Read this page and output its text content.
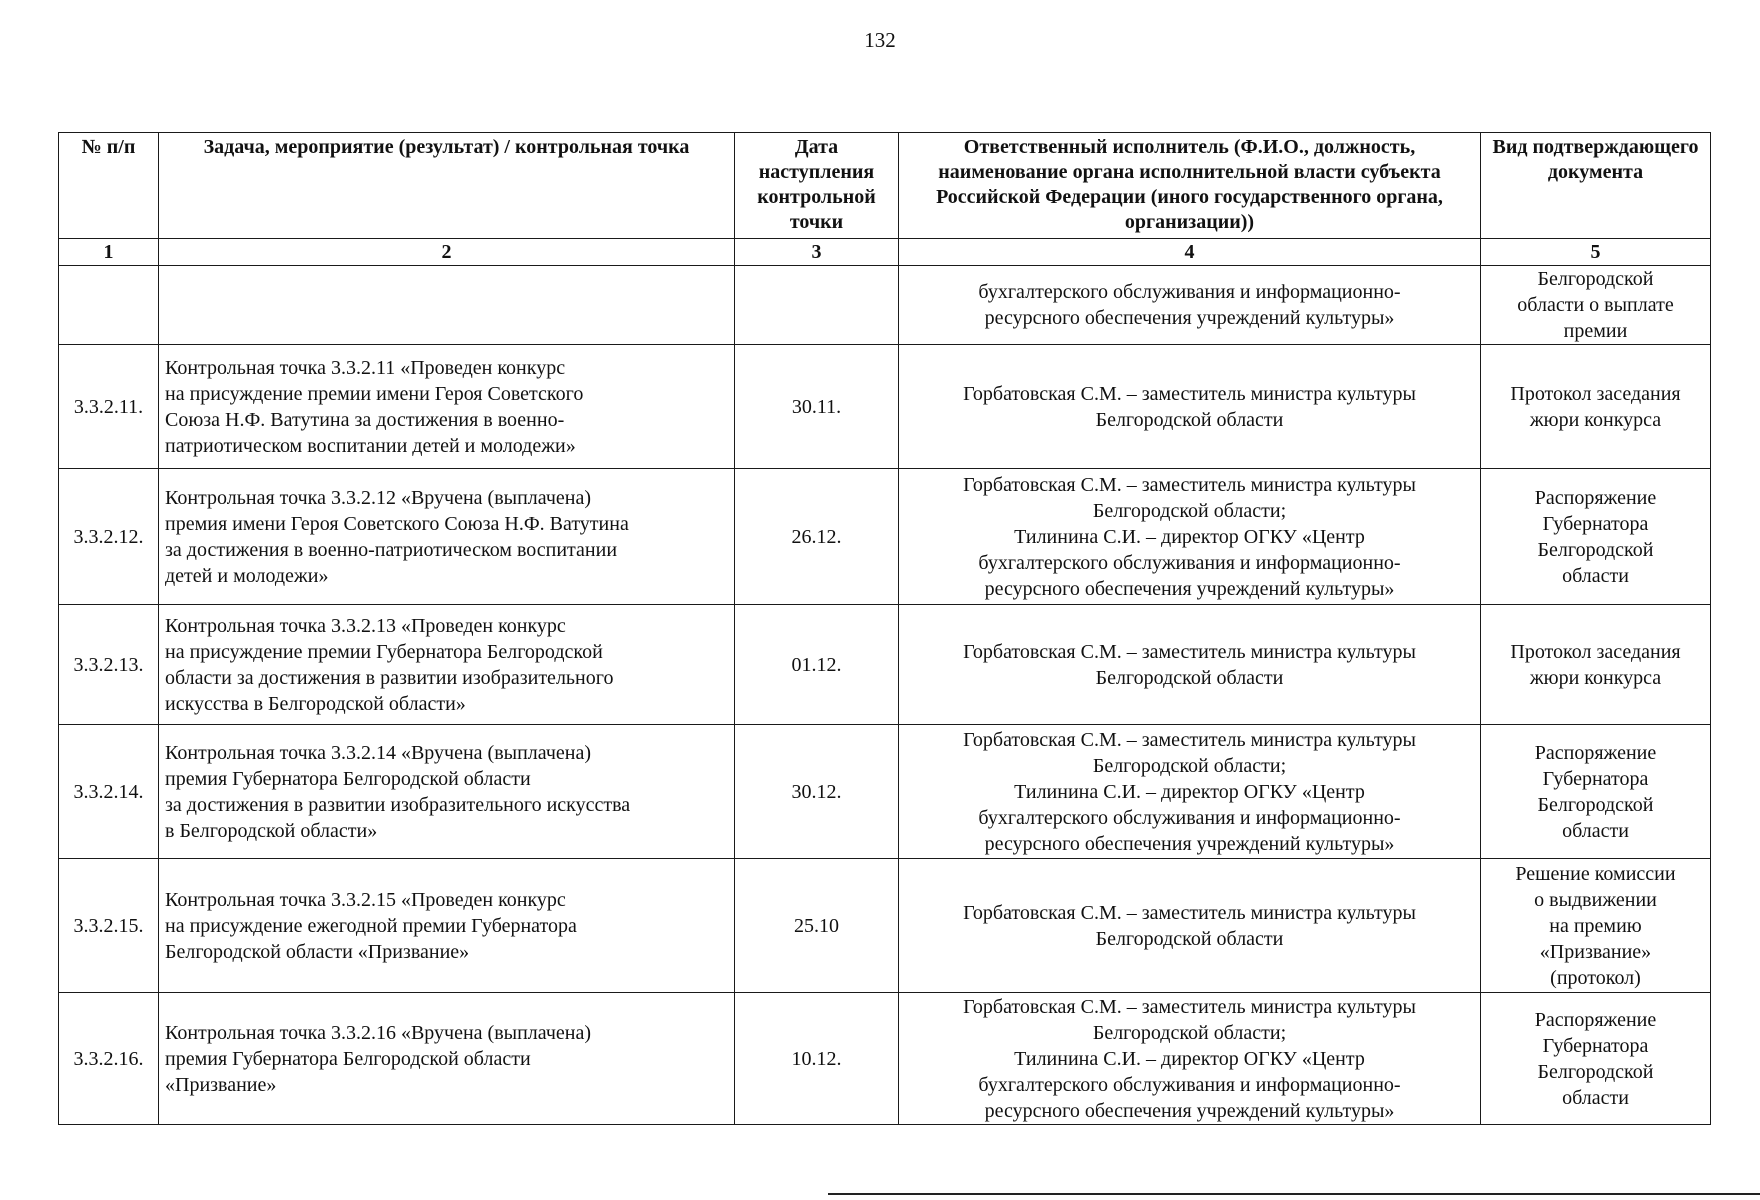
132
№ п/п	Задача, мероприятие (результат) / контрольная точка	Дата наступления контрольной точки	Ответственный исполнитель (Ф.И.О., должность, наименование органа исполнительной власти субъекта Российской Федерации (иного государственного органа, организации))	Вид подтверждающего документа
1	2	3	4	5

			бухгалтерского обслуживания и информационно-
ресурсного обеспечения учреждений культуры»	Белгородской
области о выплате
премии

3.3.2.11.	Контрольная точка 3.3.2.11 «Проведен конкурс
на присуждение премии имени Героя Советского
Союза Н.Ф. Ватутина за достижения в военно-
патриотическом воспитании детей и молодежи»	30.11.	Горбатовская С.М. – заместитель министра культуры
Белгородской области	Протокол заседания
жюри конкурса

3.3.2.12.	Контрольная точка 3.3.2.12 «Вручена (выплачена)
премия имени Героя Советского Союза Н.Ф. Ватутина
за достижения в военно-патриотическом воспитании
детей и молодежи»	26.12.	Горбатовская С.М. – заместитель министра культуры
Белгородской области;
Тилинина С.И. – директор ОГКУ «Центр
бухгалтерского обслуживания и информационно-
ресурсного обеспечения учреждений культуры»	Распоряжение
Губернатора
Белгородской
области

3.3.2.13.	Контрольная точка 3.3.2.13 «Проведен конкурс
на присуждение премии Губернатора Белгородской
области за достижения в развитии изобразительного
искусства в Белгородской области»	01.12.	Горбатовская С.М. – заместитель министра культуры
Белгородской области	Протокол заседания
жюри конкурса

3.3.2.14.	Контрольная точка 3.3.2.14 «Вручена (выплачена)
премия Губернатора Белгородской области
за достижения в развитии изобразительного искусства
в Белгородской области»	30.12.	Горбатовская С.М. – заместитель министра культуры
Белгородской области;
Тилинина С.И. – директор ОГКУ «Центр
бухгалтерского обслуживания и информационно-
ресурсного обеспечения учреждений культуры»	Распоряжение
Губернатора
Белгородской
области

3.3.2.15.	Контрольная точка 3.3.2.15 «Проведен конкурс
на присуждение ежегодной премии Губернатора
Белгородской области «Призвание»	25.10	Горбатовская С.М. – заместитель министра культуры
Белгородской области	Решение комиссии
о выдвижении
на премию
«Призвание»
(протокол)

3.3.2.16.	Контрольная точка 3.3.2.16 «Вручена (выплачена)
премия Губернатора Белгородской области
«Призвание»	10.12.	Горбатовская С.М. – заместитель министра культуры
Белгородской области;
Тилинина С.И. – директор ОГКУ «Центр
бухгалтерского обслуживания и информационно-
ресурсного обеспечения учреждений культуры»	Распоряжение
Губернатора
Белгородской
области
